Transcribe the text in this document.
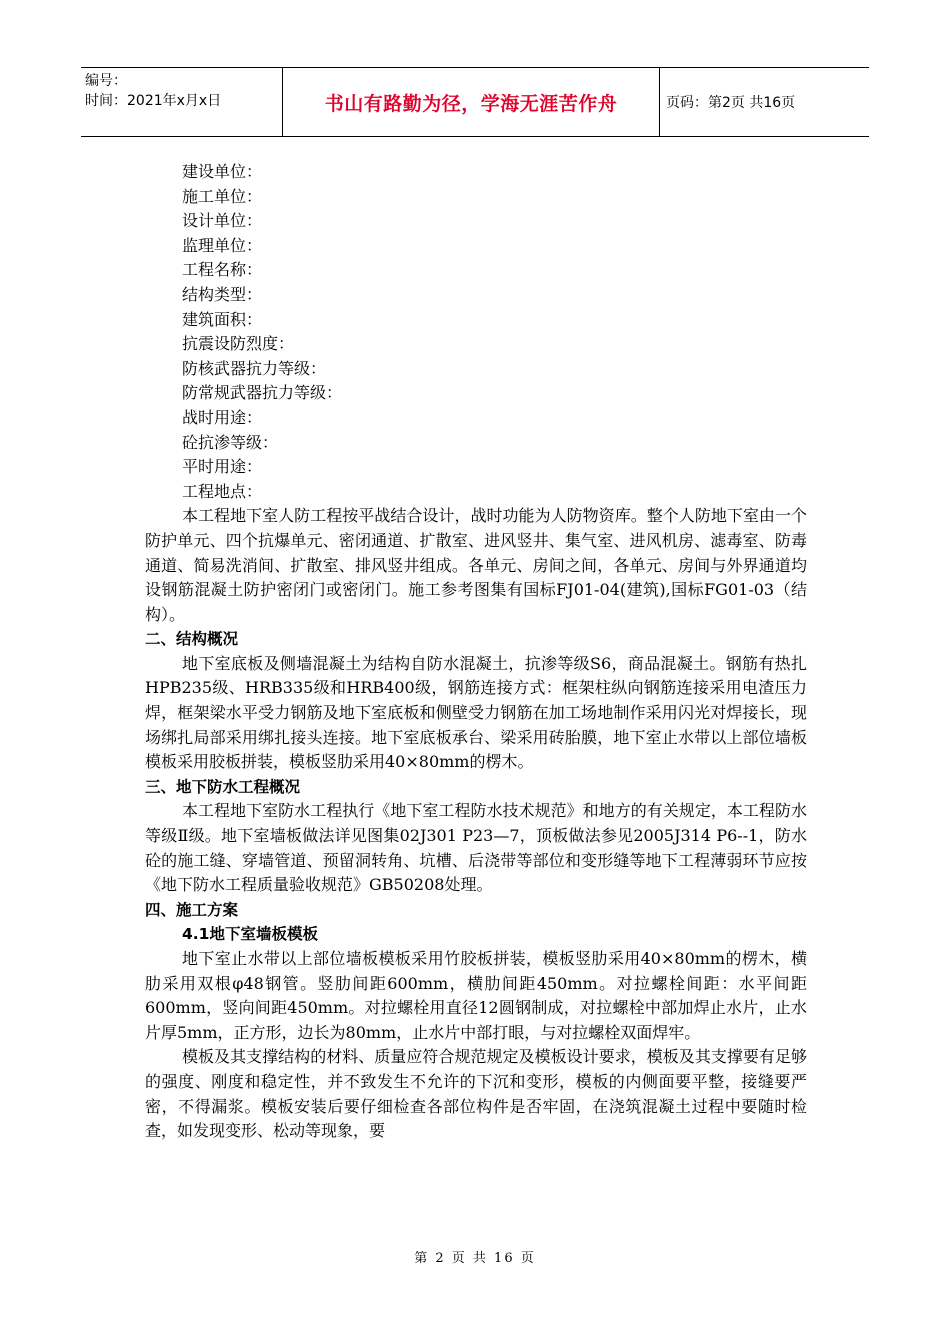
编号：
时间：2021年x月x日	书山有路勤为径，学海无涯苦作舟	页码：第2页 共16页
建设单位：
施工单位：
设计单位：
监理单位：
工程名称：
结构类型：
建筑面积：
抗震设防烈度：
防核武器抗力等级：
防常规武器抗力等级：
战时用途：
砼抗渗等级：
平时用途：
工程地点：
本工程地下室人防工程按平战结合设计，战时功能为人防物资库。整个人防地下室由一个防护单元、四个抗爆单元、密闭通道、扩散室、进风竖井、集气室、进风机房、滤毒室、防毒通道、简易洗消间、扩散室、排风竖井组成。各单元、房间之间，各单元、房间与外界通道均设钢筋混凝土防护密闭门或密闭门。施工参考图集有国标FJ01-04(建筑),国标FG01-03（结构）。
二、结构概况
地下室底板及侧墙混凝土为结构自防水混凝土，抗渗等级S6，商品混凝土。钢筋有热扎HPB235级、HRB335级和HRB400级，钢筋连接方式：框架柱纵向钢筋连接采用电渣压力焊，框架梁水平受力钢筋及地下室底板和侧壁受力钢筋在加工场地制作采用闪光对焊接长，现场绑扎局部采用绑扎接头连接。地下室底板承台、梁采用砖胎膜，地下室止水带以上部位墙板模板采用胶板拼装，模板竖肋采用40×80mm的楞木。
三、地下防水工程概况
本工程地下室防水工程执行《地下室工程防水技术规范》和地方的有关规定，本工程防水等级Ⅱ级。地下室墙板做法详见图集02J301 P23—7，顶板做法参见2005J314 P6--1，防水砼的施工缝、穿墙管道、预留洞转角、坑槽、后浇带等部位和变形缝等地下工程薄弱环节应按《地下防水工程质量验收规范》GB50208处理。
四、施工方案
4.1地下室墙板模板
地下室止水带以上部位墙板模板采用竹胶板拼装，模板竖肋采用40×80mm的楞木，横肋采用双根φ48钢管。竖肋间距600mm，横肋间距450mm。对拉螺栓间距：水平间距600mm，竖向间距450mm。对拉螺栓用直径12圆钢制成，对拉螺栓中部加焊止水片，止水片厚5mm，正方形，边长为80mm，止水片中部打眼，与对拉螺栓双面焊牢。
模板及其支撑结构的材料、质量应符合规范规定及模板设计要求，模板及其支撑要有足够的强度、刚度和稳定性，并不致发生不允许的下沉和变形，模板的内侧面要平整，接缝要严密，不得漏浆。模板安装后要仔细检查各部位构件是否牢固，在浇筑混凝土过程中要随时检查，如发现变形、松动等现象，要
第 2 页 共 16 页
